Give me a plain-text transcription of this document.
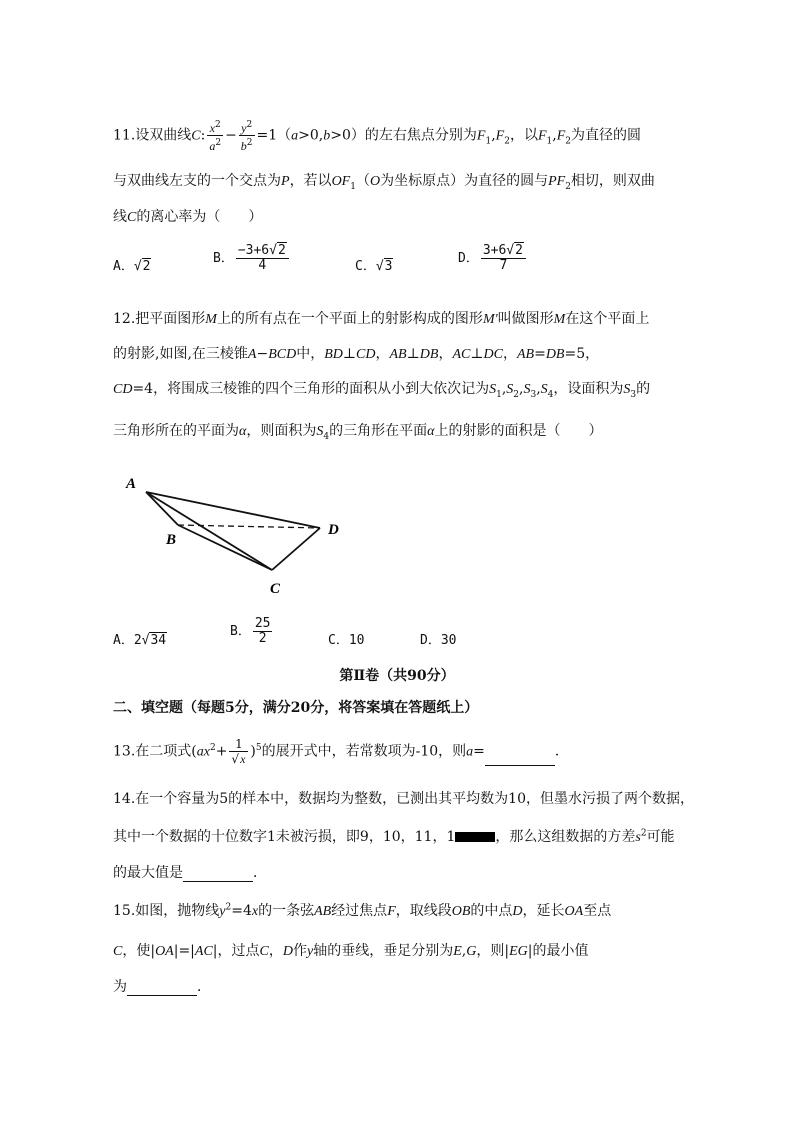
11.设双曲线C: $\frac{x^2}{a^2} - \frac{y^2}{b^2} =1(a>0,b>0)$的左右焦点分别为$F_1,F_2$，以$F_1,F_2$为直径的圆
与双曲线左支的一个交点为P，若以$OF_1(O$为坐标原点）为直径的圆与$PF_2$相切，则双曲
线C的离心率为（　　）
A．√2
B． $\frac{-3+6√2}{4}$	C．√3
D． $\frac{3+6√2}{7}$
12.把平面图形M上的所有点在一个平面上的射影构成的图形M′叫做图形M在这个平面上
的射影,如图,在三棱锥A−BCD中，BD⊥CD，AB⊥DB，AC⊥DC，AB=DB=5，
CD=4，将围成三棱锥的四个三角形的面积从小到大依次记为$S_1,S_2,S_3,S_4$，设面积为$S_3$的
三角形所在的平面为α，则面积为$S_4$的三角形在平面α上的射影的面积是（　　）
A
B
C
D
A．2√34
B． $\frac{25}{2}$	C．10	D．30
第Ⅱ卷（共90分）
二、填空题（每题5分，满分20分，将答案填在答题纸上）
13.在二项式$(ax^2+ \frac{1}{√x} )^5$的展开式中，若常数项为-10，则a=	．
14.在一个容量为5的样本中，数据均为整数，已测出其平均数为10，但墨水污损了两个数据，
其中一个数据的十位数字1未被污损，即9，10，11，1	，那么这组数据的方差$s^2$可能
的最大值是	．
15.如图，抛物线$y^2=4x$的一条弦AB经过焦点F，取线段OB的中点D，延长OA至点
C，使|OA|=|AC|，过点C，D作y轴的垂线，垂足分别为E,G，则|EG|的最小值
为	．
